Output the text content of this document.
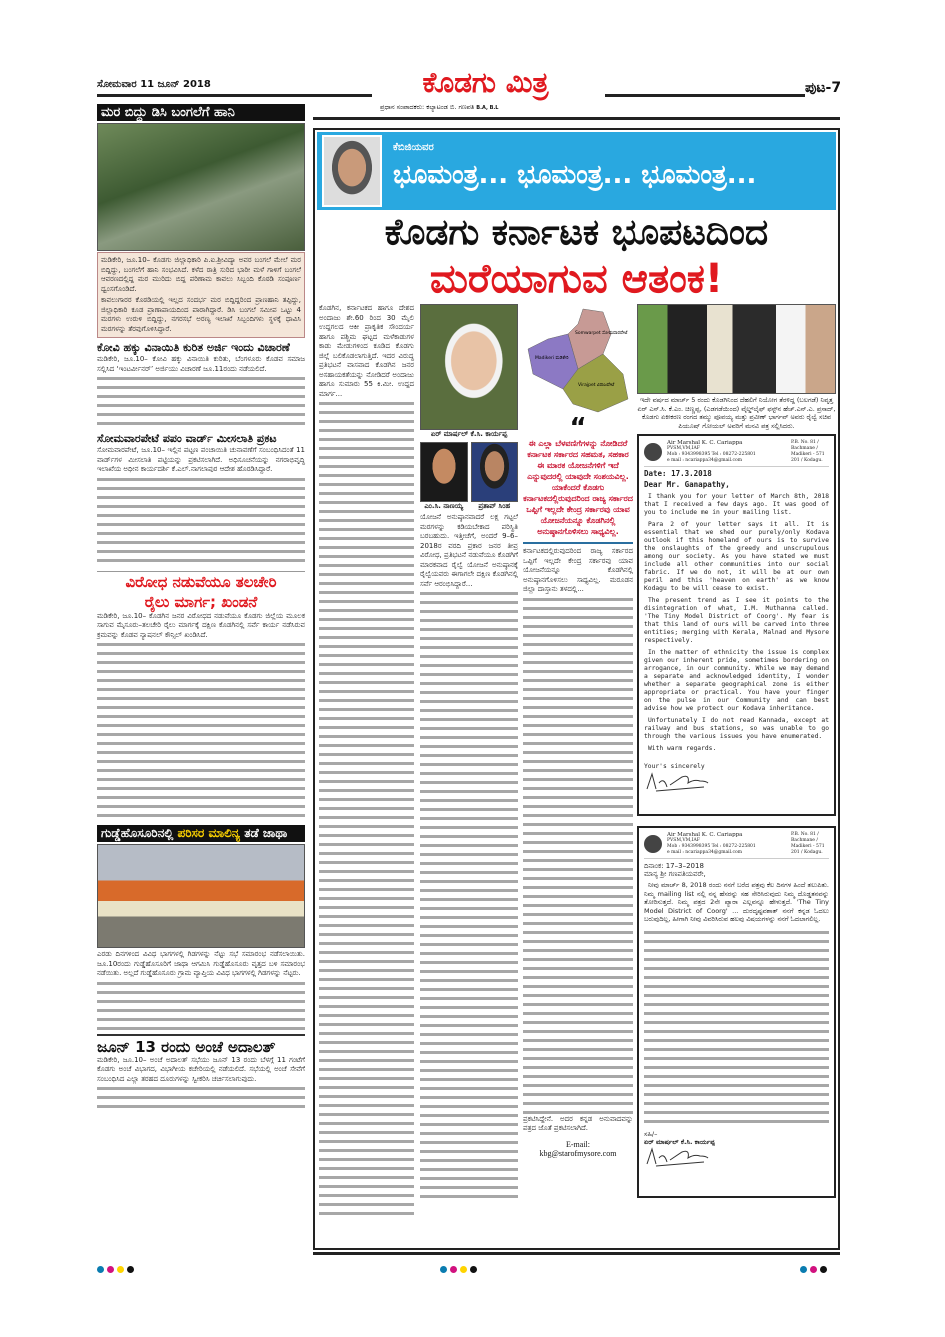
ಸೋಮವಾರ 11 ಜೂನ್ 2018	ಕೊಡಗು ಮಿತ್ರ	ಪುಟ-7
ಪ್ರಧಾನ ಸಂಪಾದಕರು: ಕಲ್ಯಾಟಂಡ ಬಿ. ಗಣಪತಿ B.A, B.L
ಮರ ಬಿದ್ದು ಡಿಸಿ ಬಂಗಲೆಗೆ ಹಾನಿ

ಮಡಿಕೇರಿ, ಜೂ.10– ಕೊಡಗು ಜಿಲ್ಲಾಧಿಕಾರಿ ಪಿ.ಐ.ಶ್ರೀವಿದ್ಯಾ ಅವರ ಬಂಗಲೆ ಮೇಲೆ ಮರ ಬಿದ್ದಿದ್ದು, ಬಂಗಲೆಗೆ ಹಾನಿ ಸಂಭವಿಸಿದೆ. ಕಳೆದ ರಾತ್ರಿ ಸುರಿದ ಭಾರೀ ಮಳೆ ಗಾಳಿಗೆ ಬಂಗಲೆ ಆವರಣದಲ್ಲಿದ್ದ ಮರ ಮುರಿದು ಬಿದ್ದ ಪರಿಣಾಮ ಕಾವಲು ಸಿಬ್ಬಂದಿ ಕೊಠಡಿ ಸಂಪೂರ್ಣ ಧ್ವಂಸಗೊಂಡಿದೆ.

ಕಾವಲುಗಾರರ ಕೊಠಡಿಯಲ್ಲಿ ಇಲ್ಲದ ಸಂದರ್ಭ ಮರ ಬಿದ್ದಿದ್ದರಿಂದ ಪ್ರಾಣಹಾನಿ ತಪ್ಪಿದ್ದು, ಜಿಲ್ಲಾಧಿಕಾರಿ ಕೂಡ ಪ್ರಾಣಾಪಾಯದಿಂದ ಪಾರಾಗಿದ್ದಾರೆ. ಡಿಸಿ ಬಂಗಲೆ ಸಮೀಪ ಒಟ್ಟು 4 ಮರಗಳು ಉರುಳಿ ಬಿದ್ದಿದ್ದು, ನಗರಸಭೆ ಅರಣ್ಯ ಇಲಾಖೆ ಸಿಬ್ಬಂದಿಗಳು ಸ್ಥಳಕ್ಕೆ ಧಾವಿಸಿ ಮರಗಳನ್ನು ತೆರವುಗೊಳಿಸಿದ್ದಾರೆ.

ಕೋವಿ ಹಕ್ಕು ವಿನಾಯಿತಿ ಕುರಿತ ಅರ್ಜಿ ಇಂದು ವಿಚಾರಣೆ

ಮಡಿಕೇರಿ, ಜೂ.10– ಕೋವಿ ಹಕ್ಕು ವಿನಾಯಿತಿ ಕುರಿತು, ಬೆಂಗಳೂರು ಕೊಡವ ಸಮಾಜ ಸಲ್ಲಿಸಿದ ‘ಇಂಟರ್ವೀನರ್’ ಅರ್ಜಿಯು ವಿಚಾರಣೆ ಜೂ.11ರಂದು ನಡೆಯಲಿದೆ.

ಸೋಮವಾರಪೇಟೆ ಪಪಂ ವಾರ್ಡ್ ಮೀಸಲಾತಿ ಪ್ರಕಟ

ಸೋಮವಾರಪೇಟೆ, ಜೂ.10– ಇಲ್ಲಿನ ಪಟ್ಟಣ ಪಂಚಾಯಿತಿ ಚುನಾವಣೆಗೆ ಸಂಬಂಧಿಸಿದಂತೆ 11 ವಾರ್ಡ್‌ಗಳ ಮೀಸಲಾತಿ ಪಟ್ಟಿಯನ್ನು ಪ್ರಕಟಿಸಲಾಗಿದೆ. ಅಧಿಸೂಚನೆಯನ್ನು ನಗರಾಭಿವೃದ್ಧಿ ಇಲಾಖೆಯ ಅಧೀನ ಕಾರ್ಯದರ್ಶಿ ಕೆ.ಎಲ್.ನಾಗಲಾಪುರ ಆದೇಶ ಹೊರಡಿಸಿದ್ದಾರೆ.

ವಿರೋಧ ನಡುವೆಯೂ ತಲಚೇರಿ
ರೈಲು ಮಾರ್ಗ; ಖಂಡನೆ

ಮಡಿಕೇರಿ, ಜೂ.10– ಕೊಡಗಿನ ಜನರ ವಿರೋಧದ ನಡುವೆಯೂ ಕೊಡಗು ಜಿಲ್ಲೆಯ ಮೂಲಕ ಸಾಗುವ ಮೈಸೂರು–ತಲಚೇರಿ ರೈಲು ಮಾರ್ಗಕ್ಕೆ ದಕ್ಷಿಣ ಕೊಡಗಿನಲ್ಲಿ ಸರ್ವೆ ಕಾರ್ಯ ನಡೆಸಿರುವ ಕ್ರಮವನ್ನು ಕೊಡವ ನ್ಯಾಷನಲ್ ಕೌನ್ಸಿಲ್ ಖಂಡಿಸಿದೆ.

ಗುಡ್ಡೆಹೊಸೂರಿನಲ್ಲಿ ಪರಿಸರ ಮಾಲಿನ್ಯ ತಡೆ ಜಾಥಾ

ಎರಡು ದಿನಗಳಿಂದ ವಿವಿಧ ಭಾಗಗಳಲ್ಲಿ ಗಿಡಗಳನ್ನು ನೆಟ್ಟು ಸಭೆ ಸಮಾರಂಭ ನಡೆಸಲಾಯಿತು. ಜೂ.10ರಂದು ಗುಡ್ಡೆಹೊಸೂರಿಗೆ ಜಾಥಾ ಆಗಮಿಸಿ ಗುಡ್ಡೆಹೊಸೂರು ವೃತ್ತದ ಬಳಿ ಸಮಾರಂಭ ನಡೆಯಿತು. ಅಲ್ಲದೆ ಗುಡ್ಡೆಹೊಸೂರು ಗ್ರಾಮ ವ್ಯಾಪ್ತಿಯ ವಿವಿಧ ಭಾಗಗಳಲ್ಲಿ ಗಿಡಗಳನ್ನು ನೆಟ್ಟರು.

ಜೂನ್ 13 ರಂದು ಅಂಚೆ ಅದಾಲತ್

ಮಡಿಕೇರಿ, ಜೂ.10– ಅಂಚೆ ಅದಾಲತ್ ಸಭೆಯು ಜೂನ್ 13 ರಂದು ಬೆಳಗ್ಗೆ 11 ಗಂಟೆಗೆ ಕೊಡಗು ಅಂಚೆ ವಿಭಾಗದ, ವಿಭಾಗೀಯ ಕಚೇರಿಯಲ್ಲಿ ನಡೆಯಲಿದೆ. ಸಭೆಯಲ್ಲಿ ಅಂಚೆ ಸೇವೆಗೆ ಸಂಬಂಧಿಸಿದ ಎಲ್ಲಾ ತರಹದ ದೂರುಗಳನ್ನು ಸ್ವೀಕರಿಸಿ ಚರ್ಚಿಸಲಾಗುವುದು.

ಕೆಬಿಜಿಯವರ
ಭೂಮಂತ್ರ... ಭೂಮಂತ್ರ... ಭೂಮಂತ್ರ...
ಕೊಡಗು ಕರ್ನಾಟಕ ಭೂಪಟದಿಂದ
ಮರೆಯಾಗುವ ಆತಂಕ!

ಕೊಡಗಿನ, ಕರ್ನಾಟಕದ ಹಾಗೂ ದೇಶದ ಅಂದಾಜು ಶೇ.60 ರಿಂದ 30 ಮೈಲಿ ಉದ್ದಗಲದ ಆಕೀ ಪ್ರಾಕೃತಿಕ ಸೌಂದರ್ಯ ಹಾಗೂ ಪಶ್ಚಿಮ ಘಟ್ಟದ ಮಳೆಕಾಡುಗಳ ಕಾಡು ಮೇಡುಗಳಿಂದ ಕೂಡಿದ ಕೊಡಗು ಜಿಲ್ಲೆ ಬಲಿಕೊಡಲಾಗುತ್ತಿದೆ. ಇದರ ವಿರುದ್ಧ ಪ್ರತಿಭಟನೆ ವಾಸವಾದ ಕೊಡಗಿನ ಜನರ ಅಸಹಾಯಕತೆಯನ್ನು ನೋಡಿದರೆ ಅಂದಾಜು ಹಾಗೂ ಸುಮಾರು 55 ಕಿ.ಮೀ. ಉದ್ದದ ಮಾರ್ಗ...

ಏರ್ ಮಾರ್ಷಲ್ ಕೆ.ಸಿ. ಕಾರ್ಯಪ್ಪ
ಎಂ.ಸಿ. ನಾಣಯ್ಯ	ಪ್ರತಾಪ್ ಸಿಂಹ

ಯೋಜನೆ ಅನುಷ್ಠಾನವಾದರೆ ಲಕ್ಷ ಗಟ್ಟಲೆ ಮರಗಳನ್ನು ಕಡಿಯಬೇಕಾದ ಪರಿಸ್ಥಿತಿ ಬರಬಹುದು. ಇತ್ತೀಚೆಗೆ, ಅಂದರೆ 9–6–2018ರ ವರದಿ ಪ್ರಕಾರ ಜನರ ತೀವ್ರ ವಿರೋಧ, ಪ್ರತಿಭಟನೆ ನಡುವೆಯೂ ಕೊಡಗಿಗೆ ಮಾರಕವಾದ ರೈಲ್ವೆ ಯೋಜನೆ ಅನುಷ್ಠಾನಕ್ಕೆ ರೈಲ್ವೆಯವರು ಈಗಾಗಲೇ ದಕ್ಷಿಣ ಕೊಡಗಿನಲ್ಲಿ ಸರ್ವೆ ಆರಂಭಿಸಿದ್ದಾರೆ...

Somwarpet ಸೋಮವಾರಪೇಟೆ
Madikeri ಮಡಿಕೇರಿ
Virajpet ವಿರಾಜಪೇಟೆ
“

ಈ ಎಲ್ಲಾ ಬೆಳವಣಿಗೆಗಳನ್ನು ನೋಡಿದರೆ ಕರ್ನಾಟಕ ಸರ್ಕಾರದ ಸಹಮತ, ಸಹಕಾರ ಈ ಮಾರಕ ಯೋಜನೆಗಳಿಗೆ ಇದೆ ಎನ್ನುವುದರಲ್ಲಿ ಯಾವುದೇ ಸಂಶಯವಿಲ್ಲ. ಯಾಕೆಂದರೆ ಕೊಡಗು ಕರ್ನಾಟಕದಲ್ಲಿರುವುದರಿಂದ ರಾಜ್ಯ ಸರ್ಕಾರದ ಒಪ್ಪಿಗೆ ಇಲ್ಲದೇ ಕೇಂದ್ರ ಸರ್ಕಾರವು ಯಾವ ಯೋಜನೆಯನ್ನೂ ಕೊಡಗಿನಲ್ಲಿ ಅನುಷ್ಠಾನಗೊಳಿಸಲು ಸಾಧ್ಯವಿಲ್ಲ.

ಕರ್ನಾಟಕದಲ್ಲಿರುವುದರಿಂದ ರಾಜ್ಯ ಸರ್ಕಾರದ ಒಪ್ಪಿಗೆ ಇಲ್ಲದೇ ಕೇಂದ್ರ ಸರ್ಕಾರವು ಯಾವ ಯೋಜನೆಯನ್ನೂ ಕೊಡಗಿನಲ್ಲಿ ಅನುಷ್ಠಾನಗೊಳಿಸಲು ಸಾಧ್ಯವಿಲ್ಲ. ಮರೂಡನ ಜಿಲ್ಲಾ ದಾಸ್ತಾನು ತಳದಲ್ಲಿ...

ಪ್ರಕಟಿಸಿದ್ದೇನೆ. ಅದರ ಕನ್ನಡ ಅನುವಾದವನ್ನು ಪತ್ರದ ಜೊತೆ ಪ್ರಕಟಿಸಲಾಗಿದೆ.

E-mail:
kbg@starofmysore.com

ಇದೇ ವರ್ಷದ ಮಾರ್ಚ್ 5 ರಂದು ಕೊಡಗಿನಿಂದ ದೆಹಲಿಗೆ ನಿಯೋಗ ತೆರಳಿದ್ದ (ಬಲಗಡೆ) ನಿವೃತ್ತ ಏರ್ ಎಸ್.ಸಿ. ಕೆ.ಎಂ. ಚಿಣ್ಣಪ್ಪ, (ಎಡಗಡೆಯಿಂದ) ವೈಲ್ಡ್‌ಲೈಫ್ ಫಸ್ಟ್‌ನ ಹೆಚ್.ಎನ್.ಎ. ಪ್ರಸಾದ್, ಕೊಡಗು ಏಕೀಕರಣ ರಂಗದ ತಮ್ಮು ಪೂವಯ್ಯ ಮತ್ತು ಪ್ರವೀಣ್ ಭಾರ್ಗವ್ ಅವರು ರೈಲ್ವೆ ಸಚಿವ ಪಿಯೂಷ್ ಗೋಯಲ್ ಅವರಿಗೆ ಮನವಿ ಪತ್ರ ಸಲ್ಲಿಸಿದರು.

Air Marshal K. C. Cariappa
PVSM,VM,IAF
Mob : 9343998395 Tel : 08272-225801
e mail : ncariappa34@gmail.com
P.B. No. 81 / Bachmane / Madikeri - 571 201 / Kodagu.
Date: 17.3.2018
Dear Mr. Ganapathy,

I thank you for your letter of March 8th, 2018 that I received a few days ago. It was good of you to include me in your mailing list.

Para 2 of your letter says it all. It is essential that we shed our purely/only Kodava outlook if this homeland of ours is to survive the onslaughts of the greedy and unscrupulous among our society. As you have stated we must include all other communities into our social fabric. If we do not, it will be at our own peril and this 'heaven on earth' as we know Kodagu to be will cease to exist.

The present trend as I see it points to the disintegration of what, I.M. Muthanna called. 'The Tiny Model District of Coorg'. My fear is that this land of ours will be carved into three entities; merging with Kerala, Malnad and Mysore respectively.

In the matter of ethnicity the issue is complex given our inherent pride, sometimes bordering on arrogance, in our community. While we may demand a separate and acknowledged identity, I wonder whether a separate geographical zone is either appropriate or practical. You have your finger on the pulse in our Community and can best advise how we protect our Kodava inheritance.

Unfortunately I do not read Kannada, except at railway and bus stations, so was unable to go through the various issues you have enumerated.

With warm regards.

Your's sincerely
Air Marshal K. C. Cariappa
PVSM,VM,IAF
Mob : 9343998395 Tel : 08272-225801
e mail : ncariappa34@gmail.com
P.B. No. 81 / Bachmane / Madikeri - 571 201 / Kodagu.
ದಿನಾಂಕ: 17–3–2018
ಮಾನ್ಯ ಶ್ರೀ ಗಣಪತಿಯವರೇ,

ನೀವು ಮಾರ್ಚ್ 8, 2018 ರಂದು ನನಗೆ ಬರೆದ ಪತ್ರವು ಕೆಲ ದಿನಗಳ ಹಿಂದೆ ತಲುಪಿತು. ನಿಮ್ಮ mailing list ನಲ್ಲಿ ನನ್ನ ಹೆಸರನ್ನು ಸಹ ಸೇರಿಸಿರುವುದು ನಿಮ್ಮ ದೊಡ್ಡತನವನ್ನು ತೋರಿಸುತ್ತದೆ. ನಿಮ್ಮ ಪತ್ರದ 2ನೇ ಪ್ಯಾರಾ ಎಲ್ಲವನ್ನೂ ಹೇಳುತ್ತದೆ. 'The Tiny Model District of Coorg' ... ದುರದೃಷ್ಟವಶಾತ್ ನನಗೆ ಕನ್ನಡ ಓದಲು ಬರುವುದಿಲ್ಲ, ಹೀಗಾಗಿ ನೀವು ವಿವರಿಸಿರುವ ಹಲವು ವಿಷಯಗಳನ್ನು ನನಗೆ ಓದಲಾಗಲಿಲ್ಲ.

ಸಹಿ/–
ಏರ್ ಮಾರ್ಷಲ್ ಕೆ.ಸಿ. ಕಾರ್ಯಪ್ಪ
